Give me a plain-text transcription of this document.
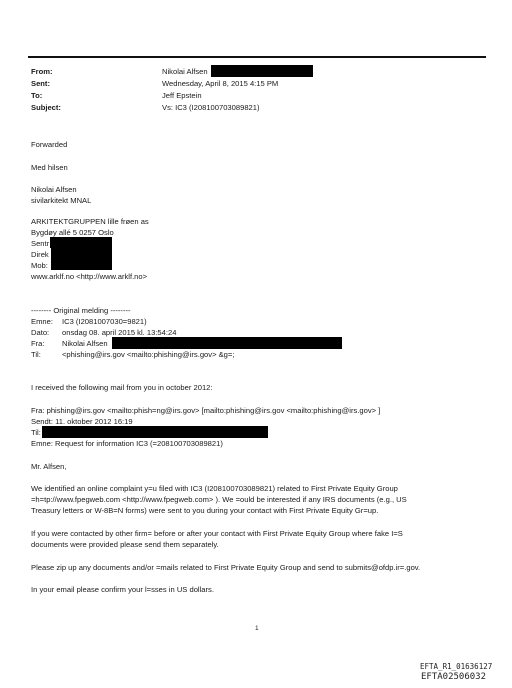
From:	Nikolai Alfsen
Sent:	Wednesday, April 8, 2015 4:15 PM
To:	Jeff Epstein
Subject:	Vs: IC3 (I208100703089821)
Forwarded
Med hilsen
Nikolai Alfsen
sivilarkitekt MNAL
ARKITEKTGRUPPEN lille frøen as
Bygdøy allé 5 0257 Oslo
Sentr
Direk
Mob:
www.arklf.no <http://www.arklf.no>
-------- Original melding --------
Emne: IC3 (I2081007030=9821)
Dato: onsdag 08. april 2015 kl. 13:54:24
Fra: Nikolai Alfsen
Til:	<phishing@irs.gov <mailto:phishing@irs.gov> &g=;
I received the following mail from you in october 2012:
Fra: phishing@irs.gov <mailto:phish=ng@irs.gov> [mailto:phishing@irs.gov <mailto:phishing@irs.gov> ]
Sendt: 11. oktober 2012 16:19
Til:
Emne: Request for information IC3 (=208100703089821)
Mr. Alfsen,
We identified an online complaint y=u filed with IC3 (I208100703089821) related to First Private Equity Group
=h=tp://www.fpegweb.com <http://www.fpegweb.com> ). We =ould be interested if any IRS documents (e.g., US
Treasury letters or W-8B=N forms) were sent to you during your contact with First Private Equity Gr=up.
If you were contacted by other firm= before or after your contact with First Private Equity Group where fake I=S
documents were provided please send them separately.
Please zip up any documents and/or =mails related to First Private Equity Group and send to submits@ofdp.ir=.gov.
In your email please confirm your l=sses in US dollars.
1
EFTA_R1_01636127
EFTA02506032
